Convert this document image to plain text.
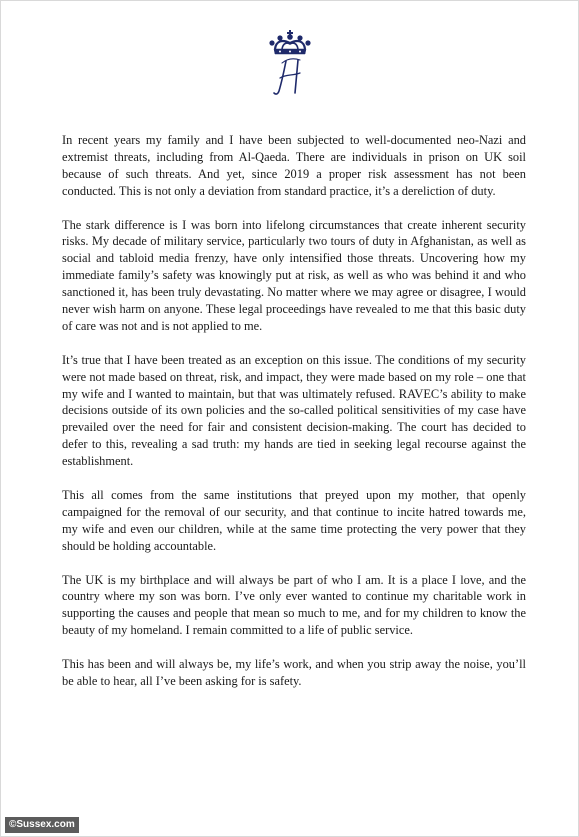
In recent years my family and I have been subjected to well-documented neo-Nazi and extremist threats, including from Al-Qaeda. There are individuals in prison on UK soil because of such threats. And yet, since 2019 a proper risk assessment has not been conducted. This is not only a deviation from standard practice, it’s a dereliction of duty.

The stark difference is I was born into lifelong circumstances that create inherent security risks. My decade of military service, particularly two tours of duty in Afghanistan, as well as social and tabloid media frenzy, have only intensified those threats. Uncovering how my immediate family’s safety was knowingly put at risk, as well as who was behind it and who sanctioned it, has been truly devastating. No matter where we may agree or disagree, I would never wish harm on anyone. These legal proceedings have revealed to me that this basic duty of care was not and is not applied to me.

It’s true that I have been treated as an exception on this issue. The conditions of my security were not made based on threat, risk, and impact, they were made based on my role – one that my wife and I wanted to maintain, but that was ultimately refused. RAVEC’s ability to make decisions outside of its own policies and the so-called political sensitivities of my case have prevailed over the need for fair and consistent decision-making. The court has decided to defer to this, revealing a sad truth: my hands are tied in seeking legal recourse against the establishment.

This all comes from the same institutions that preyed upon my mother, that openly campaigned for the removal of our security, and that continue to incite hatred towards me, my wife and even our children, while at the same time protecting the very power that they should be holding accountable.

The UK is my birthplace and will always be part of who I am. It is a place I love, and the country where my son was born. I’ve only ever wanted to continue my charitable work in supporting the causes and people that mean so much to me, and for my children to know the beauty of my homeland. I remain committed to a life of public service.

This has been and will always be, my life’s work, and when you strip away the noise, you’ll be able to hear, all I’ve been asking for is safety.

©Sussex.com
